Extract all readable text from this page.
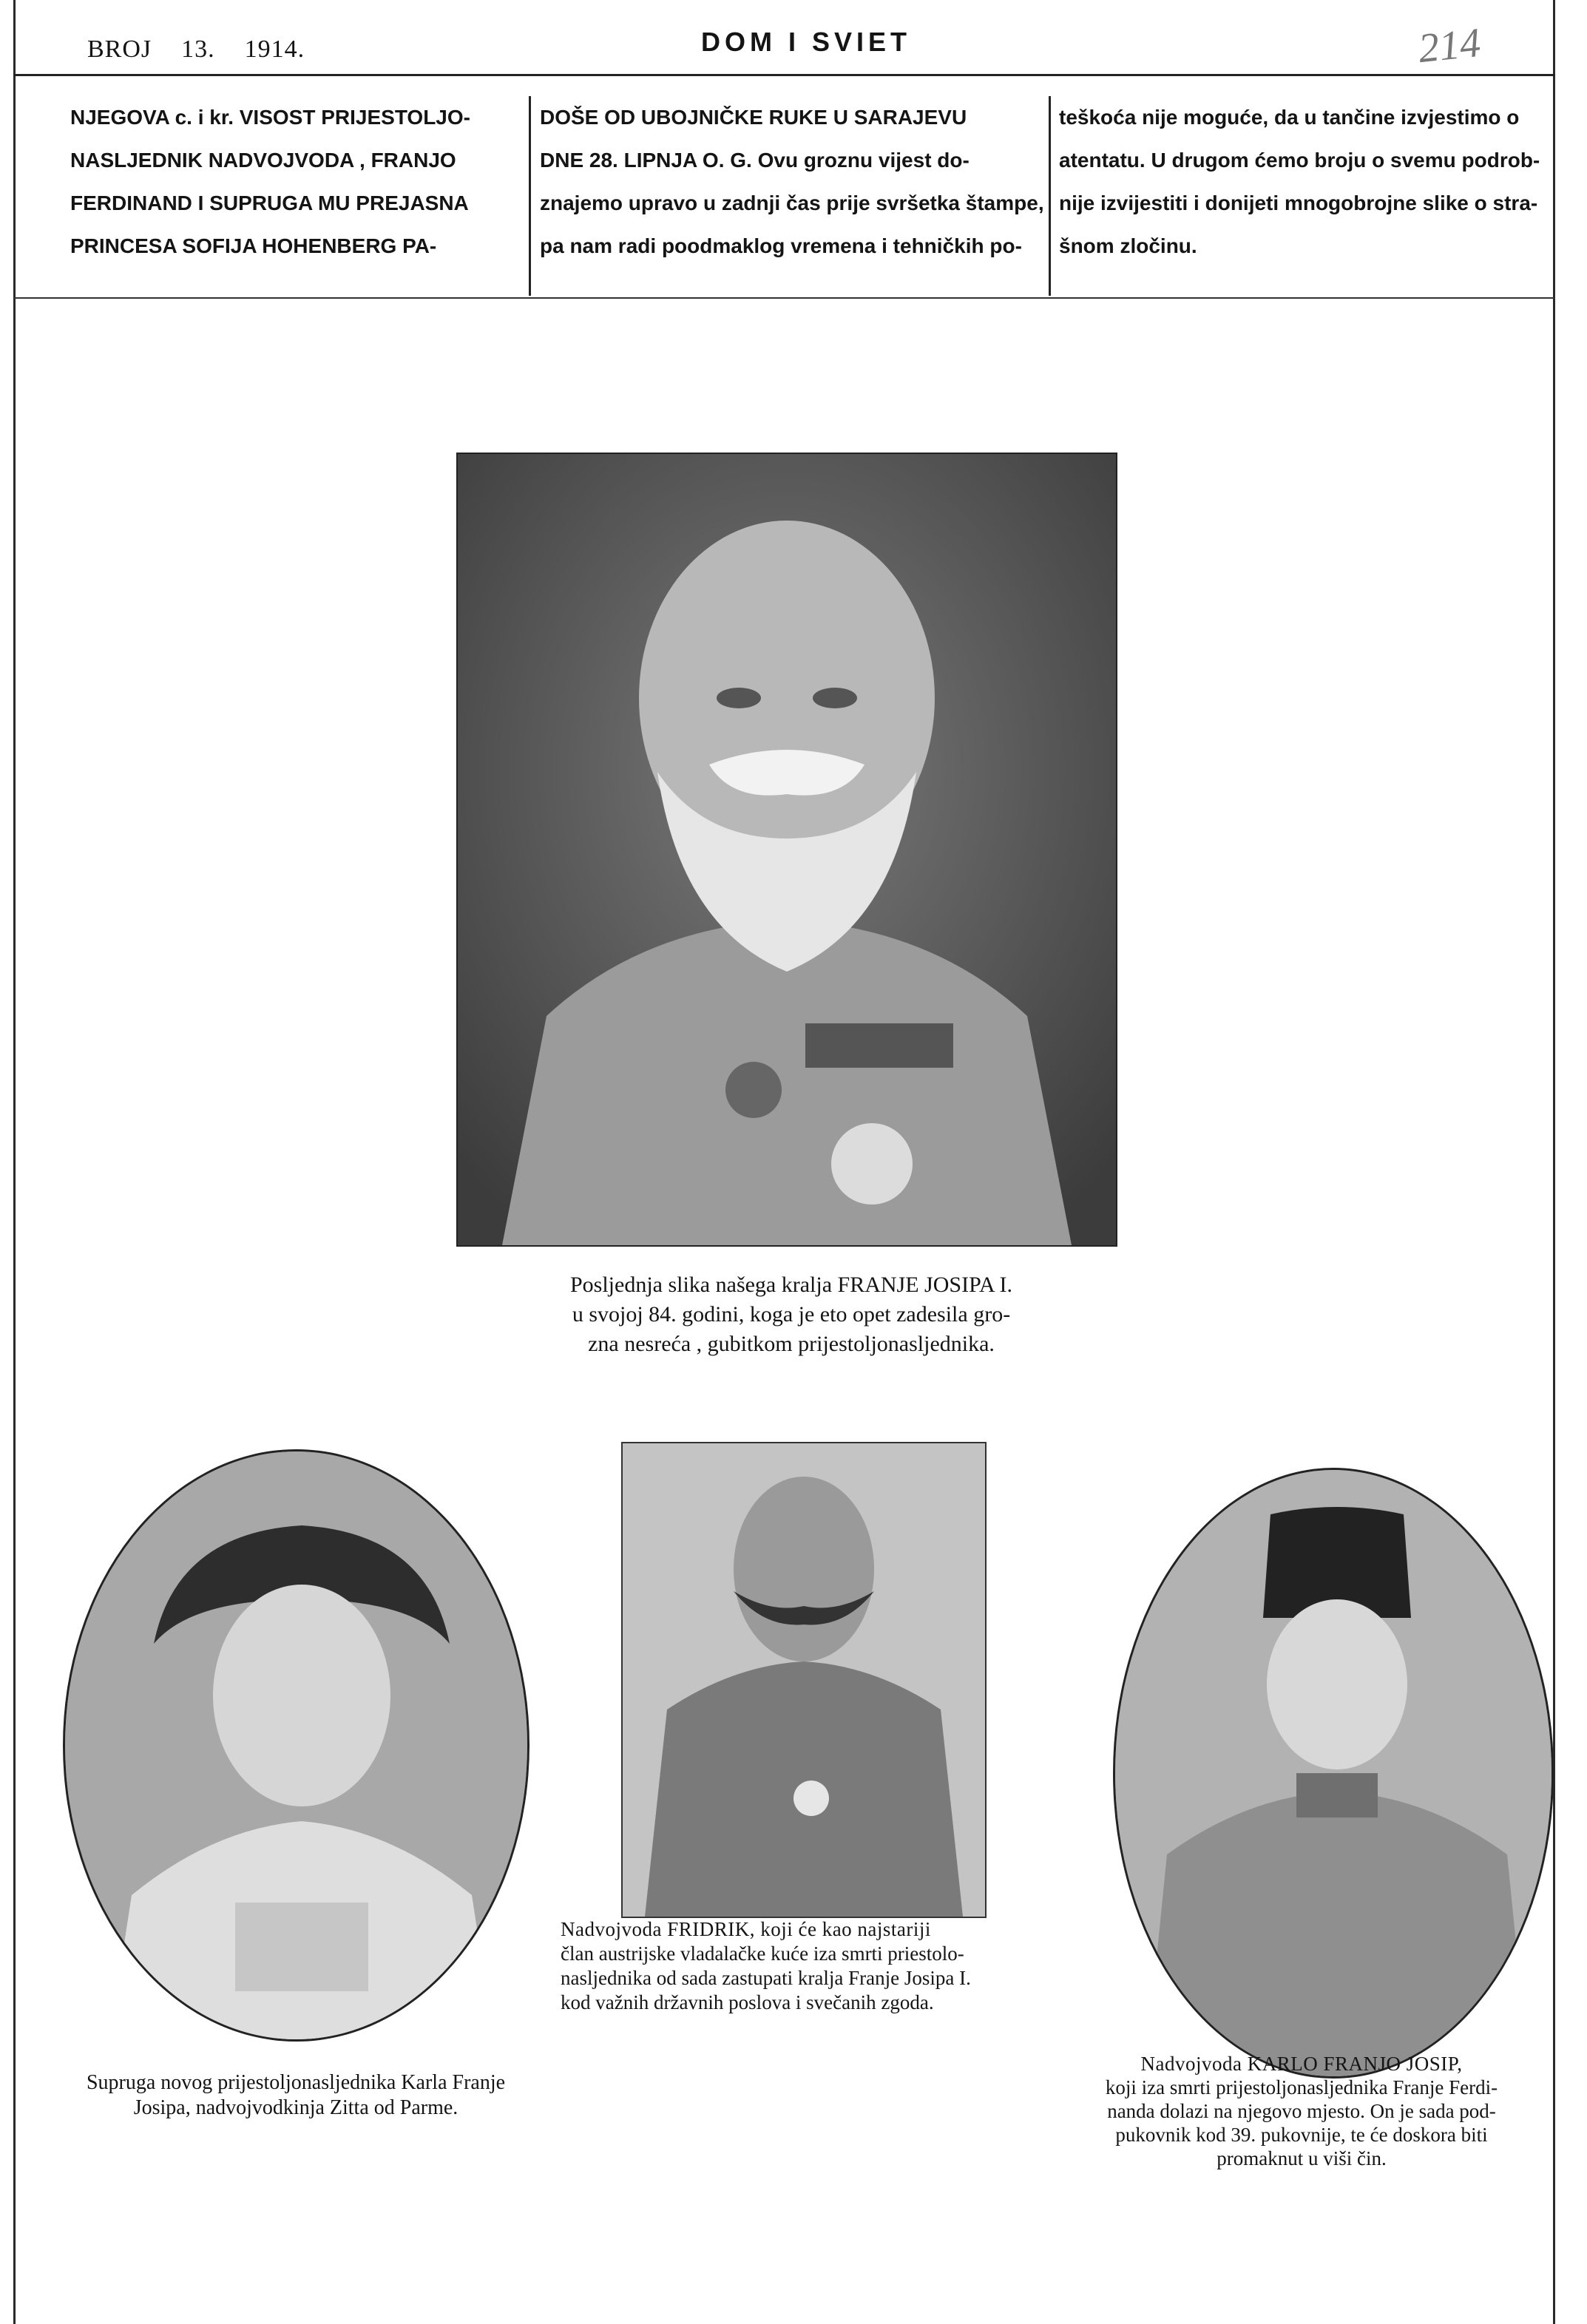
BROJ 13. 1914.	DOM I SVIET	214

NJEGOVA c. i kr. VISOST PRIJESTOLJO-

NASLJEDNIK NADVOJVODA , FRANJO

FERDINAND I SUPRUGA MU PREJASNA

PRINCESA SOFIJA HOHENBERG PA-

DOŠE OD UBOJNIČKE RUKE U SARAJEVU

DNE 28. LIPNJA O. G. Ovu groznu vijest do-

znajemo upravo u zadnji čas prije svršetka štampe,

pa nam radi poodmaklog vremena i tehničkih po-

teškoća nije moguće, da u tančine izvjestimo o

atentatu. U drugom ćemo broju o svemu podrob-

nije izvijestiti i donijeti mnogobrojne slike o stra-

šnom zločinu.

Posljednja slika našega kralja FRANJE JOSIPA I.

u svojoj 84. godini, koga je eto opet zadesila gro-

zna nesreća , gubitkom prijestoljonasljednika.

Supruga novog prijestoljonasljednika Karla Franje

Josipa, nadvojvodkinja Zitta od Parme.

Nadvojvoda FRIDRIK, koji će kao najstariji

član austrijske vladalačke kuće iza smrti priestolo-

nasljednika od sada zastupati kralja Franje Josipa I.

kod važnih državnih poslova i svečanih zgoda.

Nadvojvoda KARLO FRANJO JOSIP,

koji iza smrti prijestoljonasljednika Franje Ferdi-

nanda dolazi na njegovo mjesto. On je sada pod-

pukovnik kod 39. pukovnije, te će doskora biti

promaknut u viši čin.
